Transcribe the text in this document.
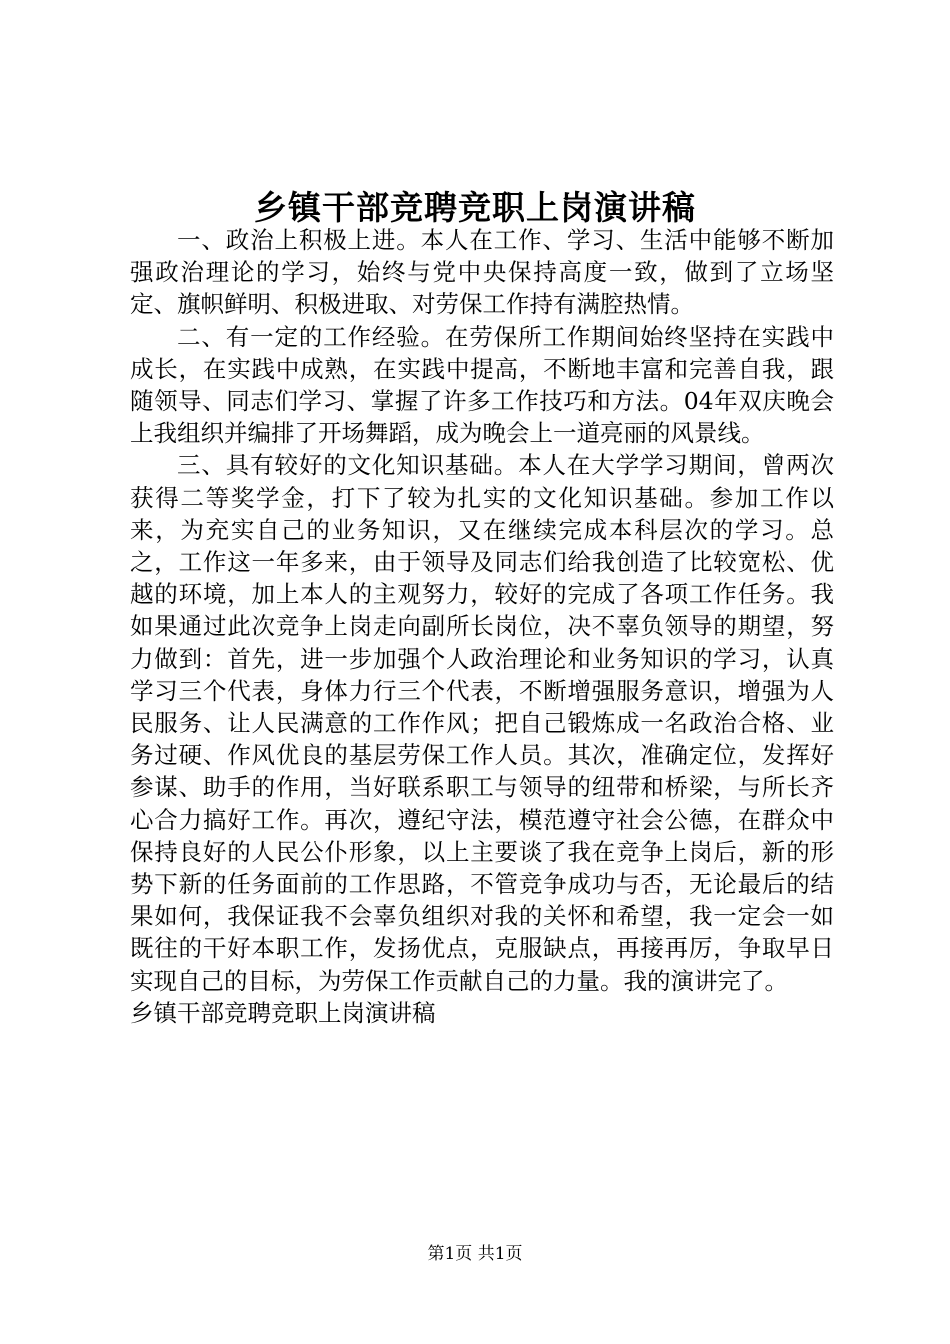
乡镇干部竞聘竞职上岗演讲稿

一、政治上积极上进。本人在工作、学习、生活中能够不断加强政治理论的学习，始终与党中央保持高度一致，做到了立场坚定、旗帜鲜明、积极进取、对劳保工作持有满腔热情。

二、有一定的工作经验。在劳保所工作期间始终坚持在实践中成长，在实践中成熟，在实践中提高，不断地丰富和完善自我，跟随领导、同志们学习、掌握了许多工作技巧和方法。04年双庆晚会上我组织并编排了开场舞蹈，成为晚会上一道亮丽的风景线。

三、具有较好的文化知识基础。本人在大学学习期间，曾两次获得二等奖学金，打下了较为扎实的文化知识基础。参加工作以来，为充实自己的业务知识，又在继续完成本科层次的学习。总之，工作这一年多来，由于领导及同志们给我创造了比较宽松、优越的环境，加上本人的主观努力，较好的完成了各项工作任务。我如果通过此次竞争上岗走向副所长岗位，决不辜负领导的期望，努力做到：首先，进一步加强个人政治理论和业务知识的学习，认真学习三个代表，身体力行三个代表，不断增强服务意识，增强为人民服务、让人民满意的工作作风；把自己锻炼成一名政治合格、业务过硬、作风优良的基层劳保工作人员。其次，准确定位，发挥好参谋、助手的作用，当好联系职工与领导的纽带和桥梁，与所长齐心合力搞好工作。再次，遵纪守法，模范遵守社会公德，在群众中保持良好的人民公仆形象，以上主要谈了我在竞争上岗后，新的形势下新的任务面前的工作思路，不管竞争成功与否，无论最后的结果如何，我保证我不会辜负组织对我的关怀和希望，我一定会一如既往的干好本职工作，发扬优点，克服缺点，再接再厉，争取早日实现自己的目标，为劳保工作贡献自己的力量。我的演讲完了。

乡镇干部竞聘竞职上岗演讲稿

第1页 共1页
